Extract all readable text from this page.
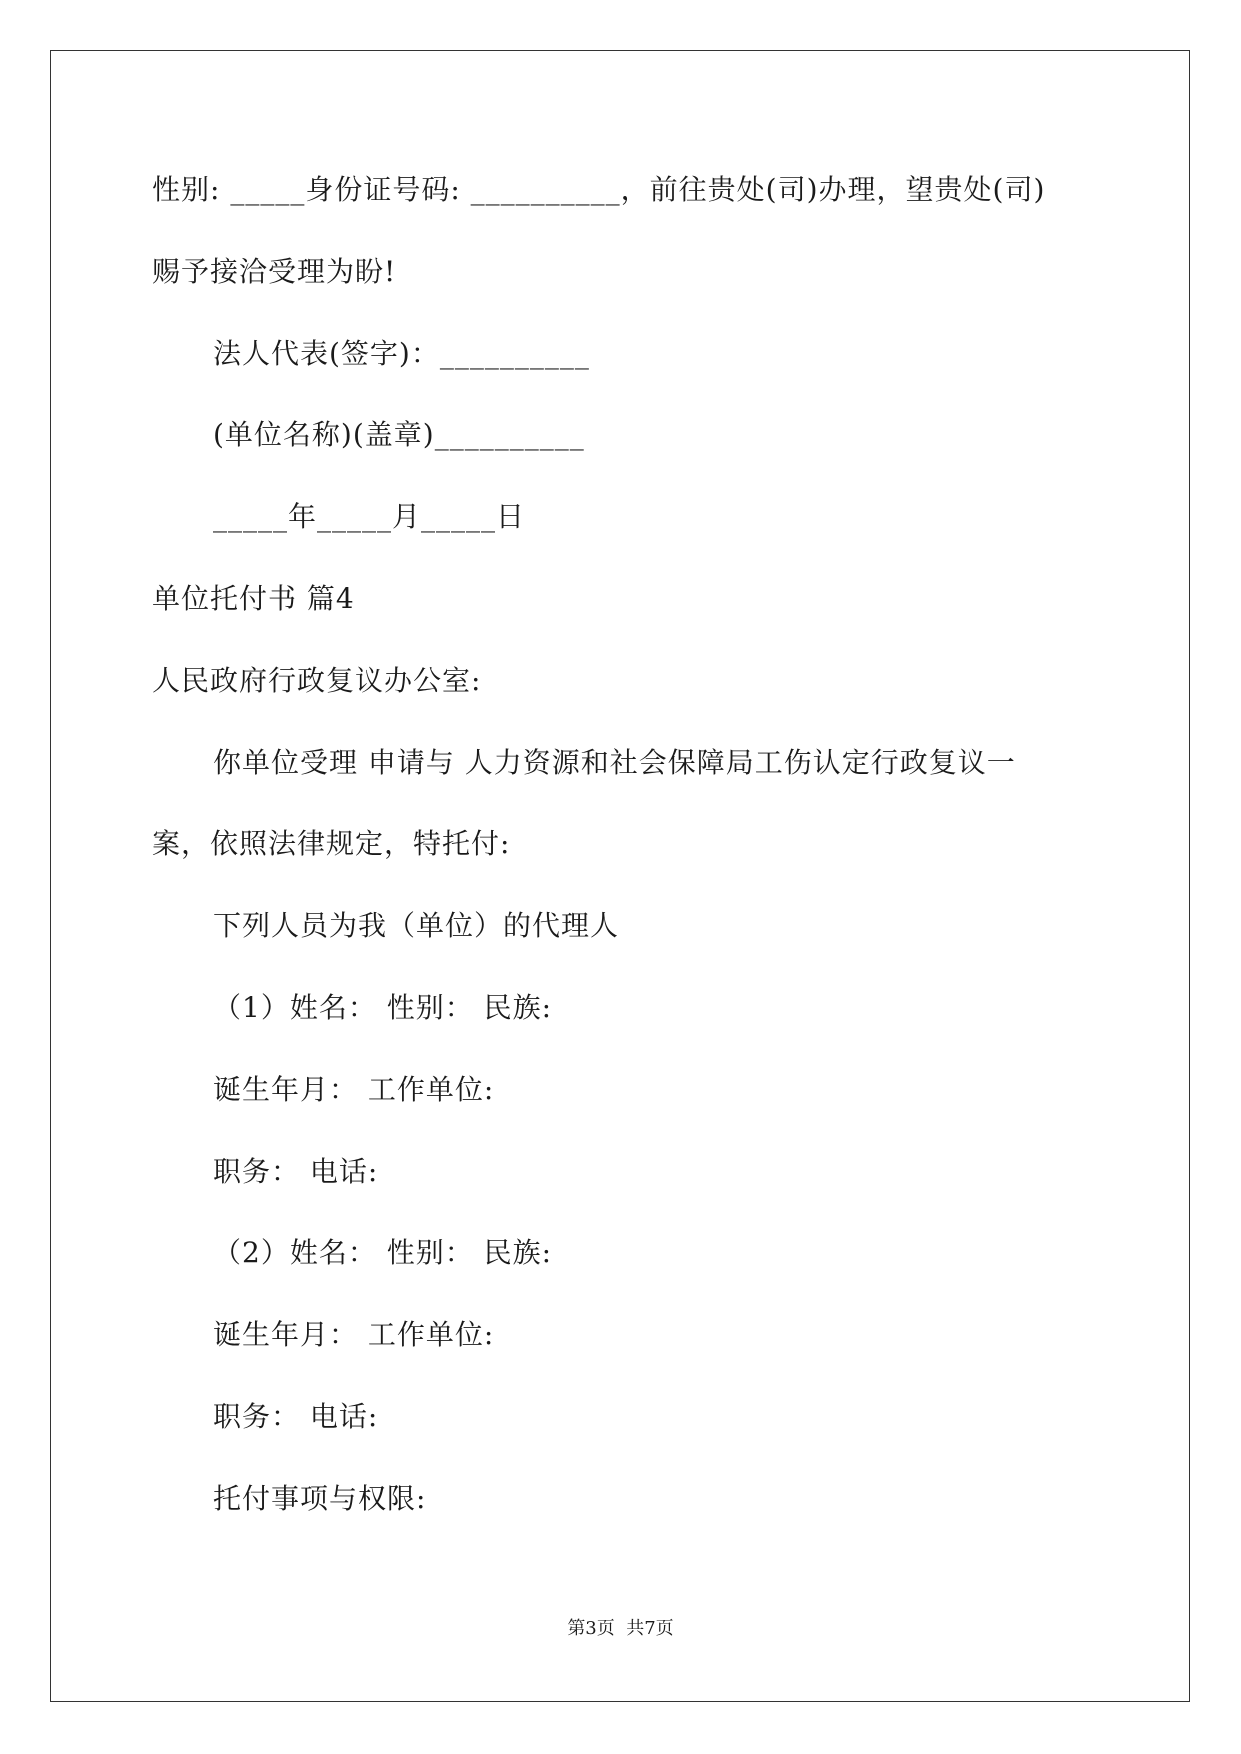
性别: _____身份证号码: __________，前往贵处(司)办理，望贵处(司)
赐予接洽受理为盼!
法人代表(签字)：__________
(单位名称)(盖章)__________
_____年_____月_____日
单位托付书 篇4
人民政府行政复议办公室:
你单位受理 申请与 人力资源和社会保障局工伤认定行政复议一
案，依照法律规定，特托付:
下列人员为我（单位）的代理人
（1）姓名： 性别： 民族:
诞生年月： 工作单位:
职务： 电话:
（2）姓名： 性别： 民族:
诞生年月： 工作单位:
职务： 电话:
托付事项与权限:
第3页  共7页
